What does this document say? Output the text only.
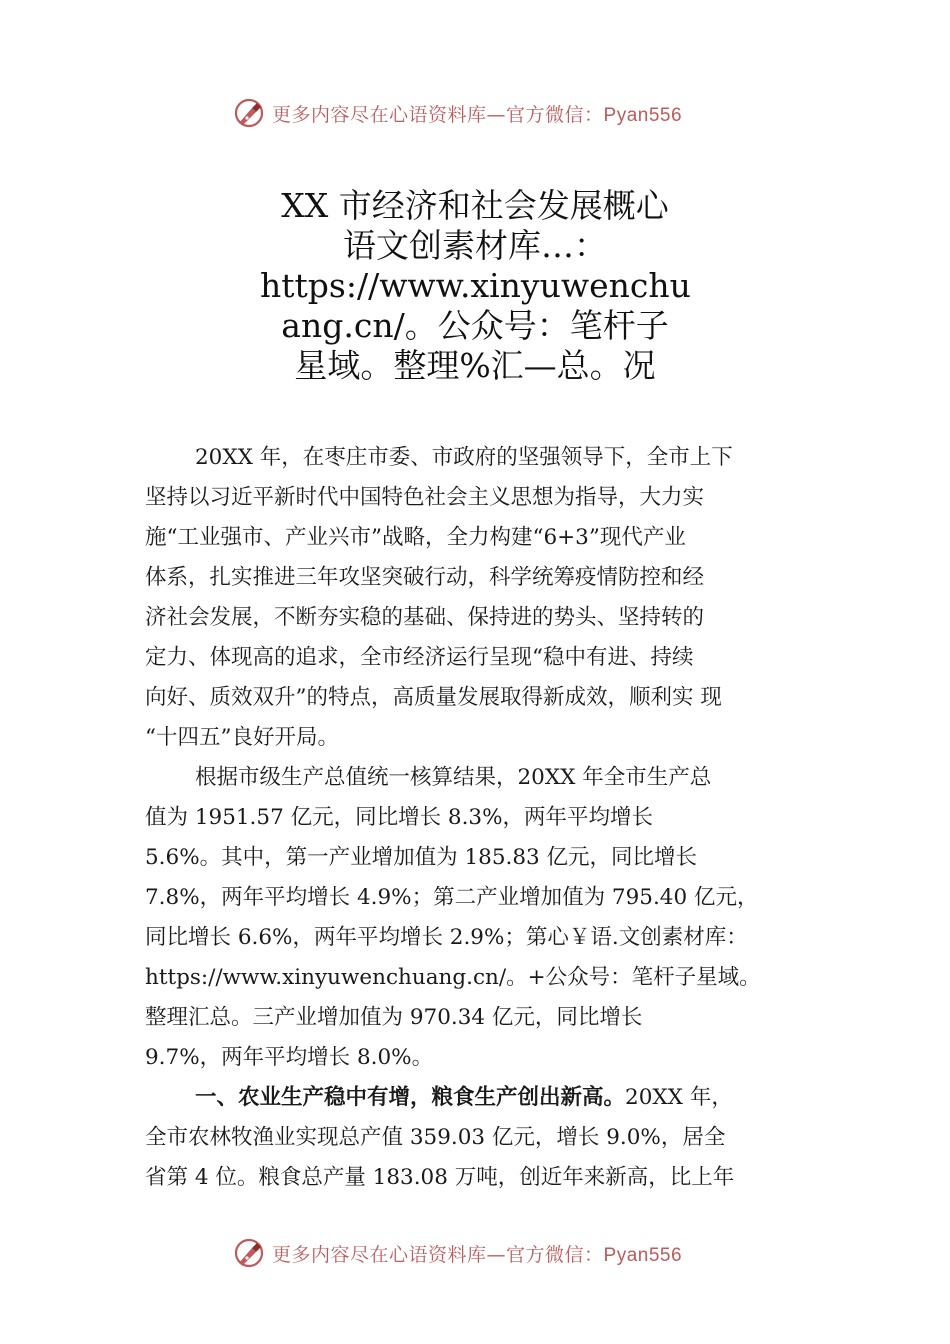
更多内容尽在心语资料库—官方微信：Pyan556
XX 市经济和社会发展概心
语文创素材库…：
https://www.xinyuwenchu
ang.cn/。公众号：笔杆子
星域。整理%汇—总。况
20XX 年，在枣庄市委、市政府的坚强领导下，全市上下
坚持以习近平新时代中国特色社会主义思想为指导，大力实
施“工业强市、产业兴市”战略，全力构建“6+3”现代产业
体系，扎实推进三年攻坚突破行动，科学统筹疫情防控和经
济社会发展，不断夯实稳的基础、保持进的势头、坚持转的
定力、体现高的追求，全市经济运行呈现“稳中有进、持续
向好、质效双升”的特点，高质量发展取得新成效，顺利实 现
“十四五”良好开局。
根据市级生产总值统一核算结果，20XX 年全市生产总
值为 1951.57 亿元，同比增长 8.3%，两年平均增长
5.6%。其中，第一产业增加值为 185.83 亿元，同比增长
7.8%，两年平均增长 4.9%；第二产业增加值为 795.40 亿元，
同比增长 6.6%，两年平均增长 2.9%；第心￥语.文创素材库：
https://www.xinyuwenchuang.cn/。+公众号：笔杆子星域。
整理汇总。三产业增加值为 970.34 亿元，同比增长
9.7%，两年平均增长 8.0%。
一、农业生产稳中有增，粮食生产创出新高。20XX 年，
全市农林牧渔业实现总产值 359.03 亿元，增长 9.0%，居全
省第 4 位。粮食总产量 183.08 万吨，创近年来新高，比上年
更多内容尽在心语资料库—官方微信：Pyan556
